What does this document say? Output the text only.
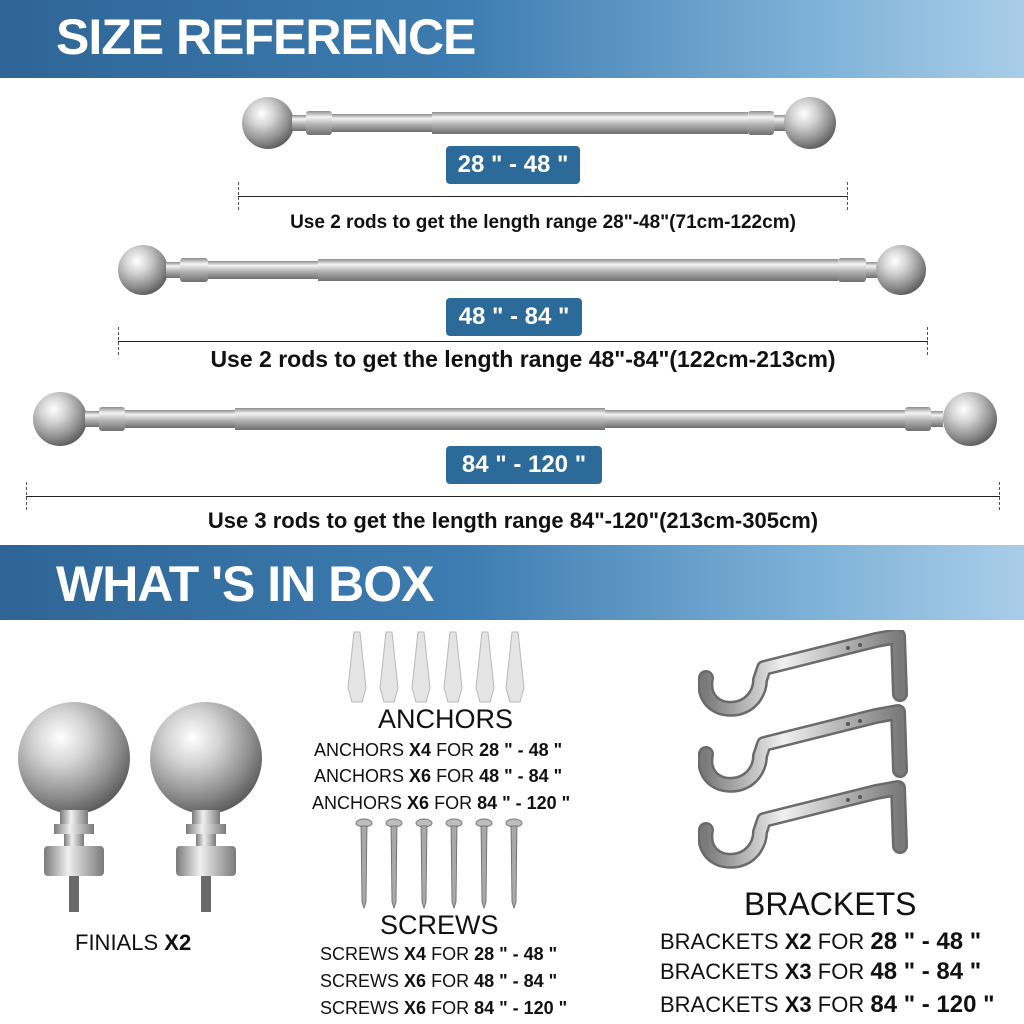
SIZE REFERENCE
28 " - 48 "
Use 2 rods to get the length range 28"-48"(71cm-122cm)
48 " - 84 "
Use 2 rods to get the length range 48"-84"(122cm-213cm)
84 " - 120 "
Use 3 rods to get the length range 84"-120"(213cm-305cm)
WHAT 'S IN BOX
FINIALS X2
ANCHORS
ANCHORS X4 FOR 28 " - 48 "
ANCHORS X6 FOR 48 " - 84 "
ANCHORS X6 FOR 84 " - 120 "
SCREWS
SCREWS X4 FOR 28 " - 48 "
SCREWS X6 FOR 48 " - 84 "
SCREWS X6 FOR 84 " - 120 "
BRACKETS
BRACKETS X2 FOR 28 " - 48 "
BRACKETS X3 FOR 48 " - 84 "
BRACKETS X3 FOR 84 " - 120 "
